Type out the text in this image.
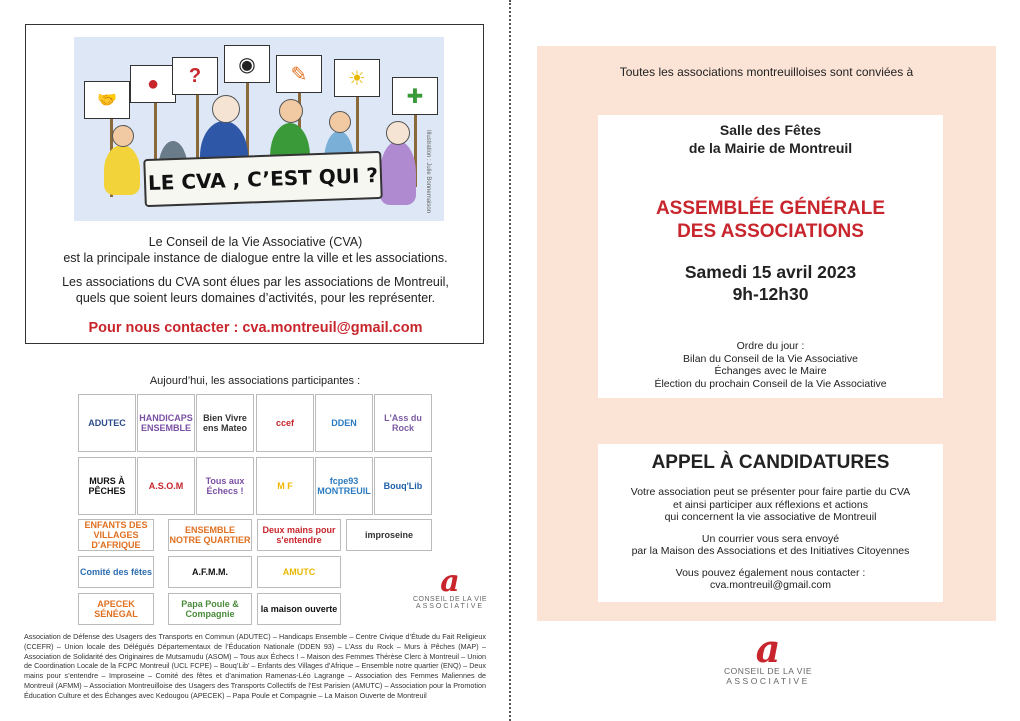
🤝
●	?	◉	✎	☀
✚
LE CVA , C’EST QUI ?	Illustration : Julie Bonnemaison

Le Conseil de la Vie Associative (CVA)
est la principale instance de dialogue entre la ville et les associations.

Les associations du CVA sont élues par les associations de Montreuil,
quels que soient leurs domaines d’activités, pour les représenter.

Pour nous contacter : cva.montreuil@gmail.com
Aujourd’hui, les associations participantes :
ADUTEC	HANDICAPS ENSEMBLE
Bien Vivre ens Mateo	ccef	DDEN	L'Ass du Rock
MURS À PÊCHES	A.S.O.M	Tous aux Échecs !	M F	fcpe93 MONTREUIL	Bouq'Lib
ENFANTS DES VILLAGES D'AFRIQUE
ENSEMBLE NOTRE QUARTIER
Deux mains pour s'entendre	improseine
Comité des fêtes	A.F.M.M.	AMUTC
APECEK SÉNÉGAL
Papa Poule & Compagnie	la maison ouverte
a
CONSEIL DE LA VIE
ASSOCIATIVE
Association de Défense des Usagers des Transports en Commun (ADUTEC) – Handicaps Ensemble – Centre Civique d’Étude du Fait Religieux (CCEFR) – Union locale des Délégués Départementaux de l’Éducation Nationale (DDEN 93) – L’Ass du Rock – Murs à Pêches (MAP) – Association de Solidarité des Originaires de Mutsamudu (ASOM) – Tous aux Échecs ! – Maison des Femmes Thérèse Clerc à Montreuil – Union de Coordination Locale de la FCPC Montreuil (UCL FCPE) – Bouq’Lib’ – Enfants des Villages d’Afrique – Ensemble notre quartier (ENQ) – Deux mains pour s’entendre – Improseine – Comité des fêtes et d’animation Ramenas-Léo Lagrange – Association des Femmes Maliennes de Montreuil (AFMM) – Association Montreuilloise des Usagers des Transports Collectifs de l’Est Parisien (AMUTC) – Association pour la Promotion Éducation Culture et des Échanges avec Kedougou (APECEK) – Papa Poule et Compagnie – La Maison Ouverte de Montreuil
Toutes les associations montreuilloises sont conviées à
Salle des Fêtes
de la Mairie de Montreuil
ASSEMBLÉE GÉNÉRALE
DES ASSOCIATIONS
Samedi 15 avril 2023
9h-12h30
Ordre du jour :
Bilan du Conseil de la Vie Associative
Échanges avec le Maire
Élection du prochain Conseil de la Vie Associative
APPEL À CANDIDATURES

Votre association peut se présenter pour faire partie du CVA
et ainsi participer aux réflexions et actions
qui concernent la vie associative de Montreuil

Un courrier vous sera envoyé
par la Maison des Associations et des Initiatives Citoyennes

Vous pouvez également nous contacter :
cva.montreuil@gmail.com

a
CONSEIL DE LA VIE
ASSOCIATIVE
